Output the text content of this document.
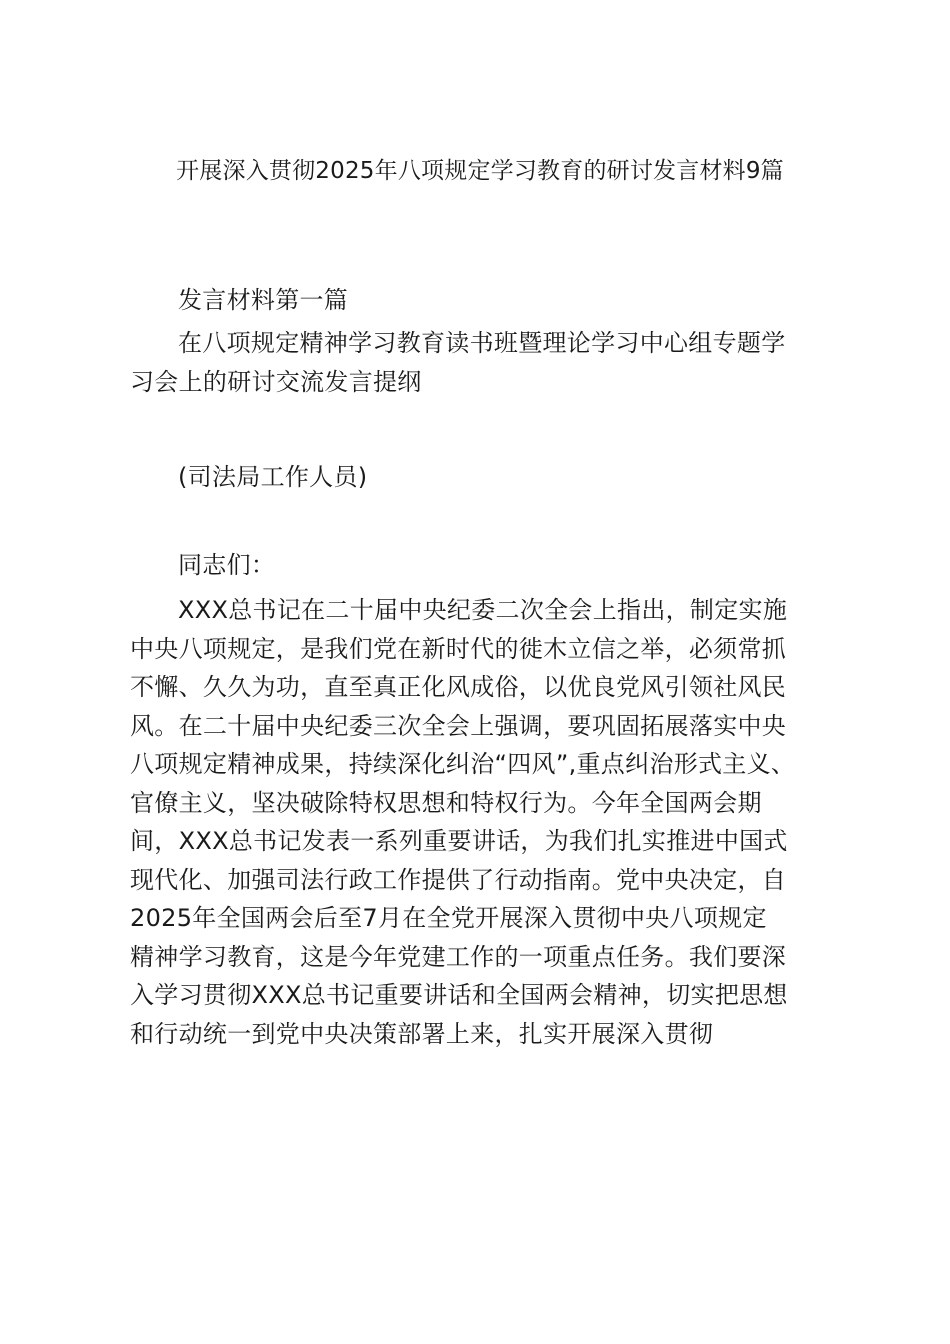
开展深入贯彻2025年八项规定学习教育的研讨发言材料9篇
发言材料第一篇
在八项规定精神学习教育读书班暨理论学习中心组专题学
习会上的研讨交流发言提纲
(司法局工作人员)
同志们：
XXX总书记在二十届中央纪委二次全会上指出，制定实施
中央八项规定，是我们党在新时代的徙木立信之举，必须常抓
不懈、久久为功，直至真正化风成俗，以优良党风引领社风民
风。在二十届中央纪委三次全会上强调，要巩固拓展落实中央
八项规定精神成果，持续深化纠治“四风”,重点纠治形式主义、
官僚主义，坚决破除特权思想和特权行为。今年全国两会期
间，XXX总书记发表一系列重要讲话，为我们扎实推进中国式
现代化、加强司法行政工作提供了行动指南。党中央决定，自
2025年全国两会后至7月在全党开展深入贯彻中央八项规定
精神学习教育，这是今年党建工作的一项重点任务。我们要深
入学习贯彻XXX总书记重要讲话和全国两会精神，切实把思想
和行动统一到党中央决策部署上来，扎实开展深入贯彻
